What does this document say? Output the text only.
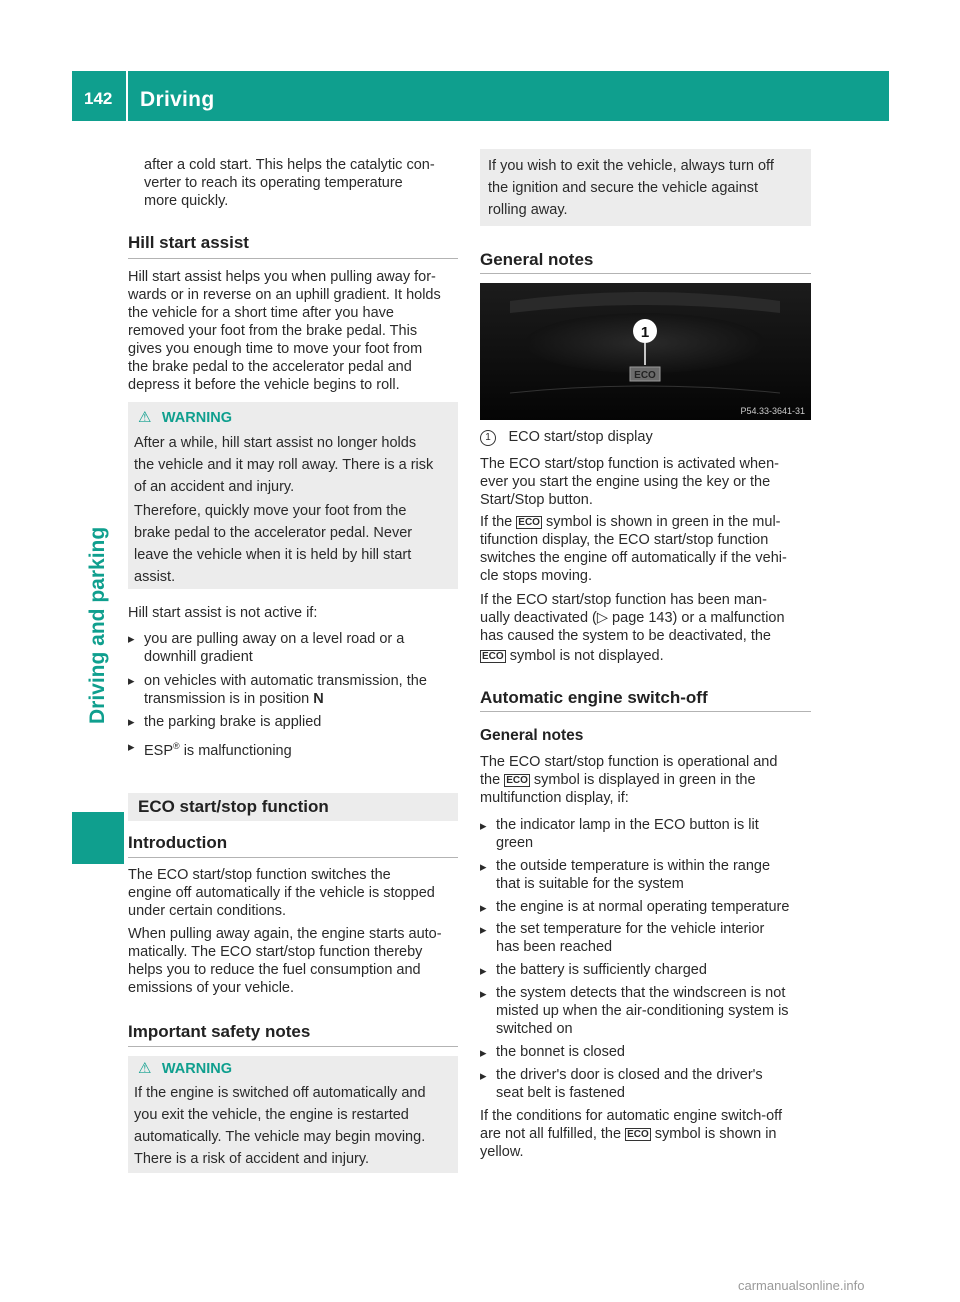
142 Driving
Driving and parking

after a cold start. This helps the catalytic con-
verter to reach its operating temperature
more quickly.

Hill start assist

Hill start assist helps you when pulling away for-
wards or in reverse on an uphill gradient. It holds
the vehicle for a short time after you have
removed your foot from the brake pedal. This
gives you enough time to move your foot from
the brake pedal to the accelerator pedal and
depress it before the vehicle begins to roll.

⚠ WARNING

After a while, hill start assist no longer holds
the vehicle and it may roll away. There is a risk
of an accident and injury.

Therefore, quickly move your foot from the
brake pedal to the accelerator pedal. Never
leave the vehicle when it is held by hill start
assist.

Hill start assist is not active if:

▸ you are pulling away on a level road or a
downhill gradient

▸ on vehicles with automatic transmission, the
transmission is in position N

▸ the parking brake is applied

▸ ESP® is malfunctioning

ECO start/stop function
Introduction

The ECO start/stop function switches the
engine off automatically if the vehicle is stopped
under certain conditions.

When pulling away again, the engine starts auto-
matically. The ECO start/stop function thereby
helps you to reduce the fuel consumption and
emissions of your vehicle.

Important safety notes
⚠ WARNING

If the engine is switched off automatically and
you exit the vehicle, the engine is restarted
automatically. The vehicle may begin moving.
There is a risk of accident and injury.

If you wish to exit the vehicle, always turn off
the ignition and secure the vehicle against
rolling away.

General notes
1
ECO
P54.33-3641-31
1 ECO start/stop display

The ECO start/stop function is activated when-
ever you start the engine using the key or the
Start/Stop button.

If the ECO symbol is shown in green in the mul-

tifunction display, the ECO start/stop function
switches the engine off automatically if the vehi-
cle stops moving.

If the ECO start/stop function has been man-
ually deactivated (▷ page 143) or a malfunction
has caused the system to be deactivated, the

ECO symbol is not displayed.

Automatic engine switch-off
General notes

The ECO start/stop function is operational and

the ECO symbol is displayed in green in the

multifunction display, if:

▸ the indicator lamp in the ECO button is lit
green

▸ the outside temperature is within the range
that is suitable for the system

▸ the engine is at normal operating temperature

▸ the set temperature for the vehicle interior
has been reached

▸ the battery is sufficiently charged

▸ the system detects that the windscreen is not
misted up when the air-conditioning system is
switched on

▸ the bonnet is closed

▸ the driver's door is closed and the driver's
seat belt is fastened

If the conditions for automatic engine switch-off

are not all fulfilled, the ECO symbol is shown in

yellow.

carmanualsonline.info
